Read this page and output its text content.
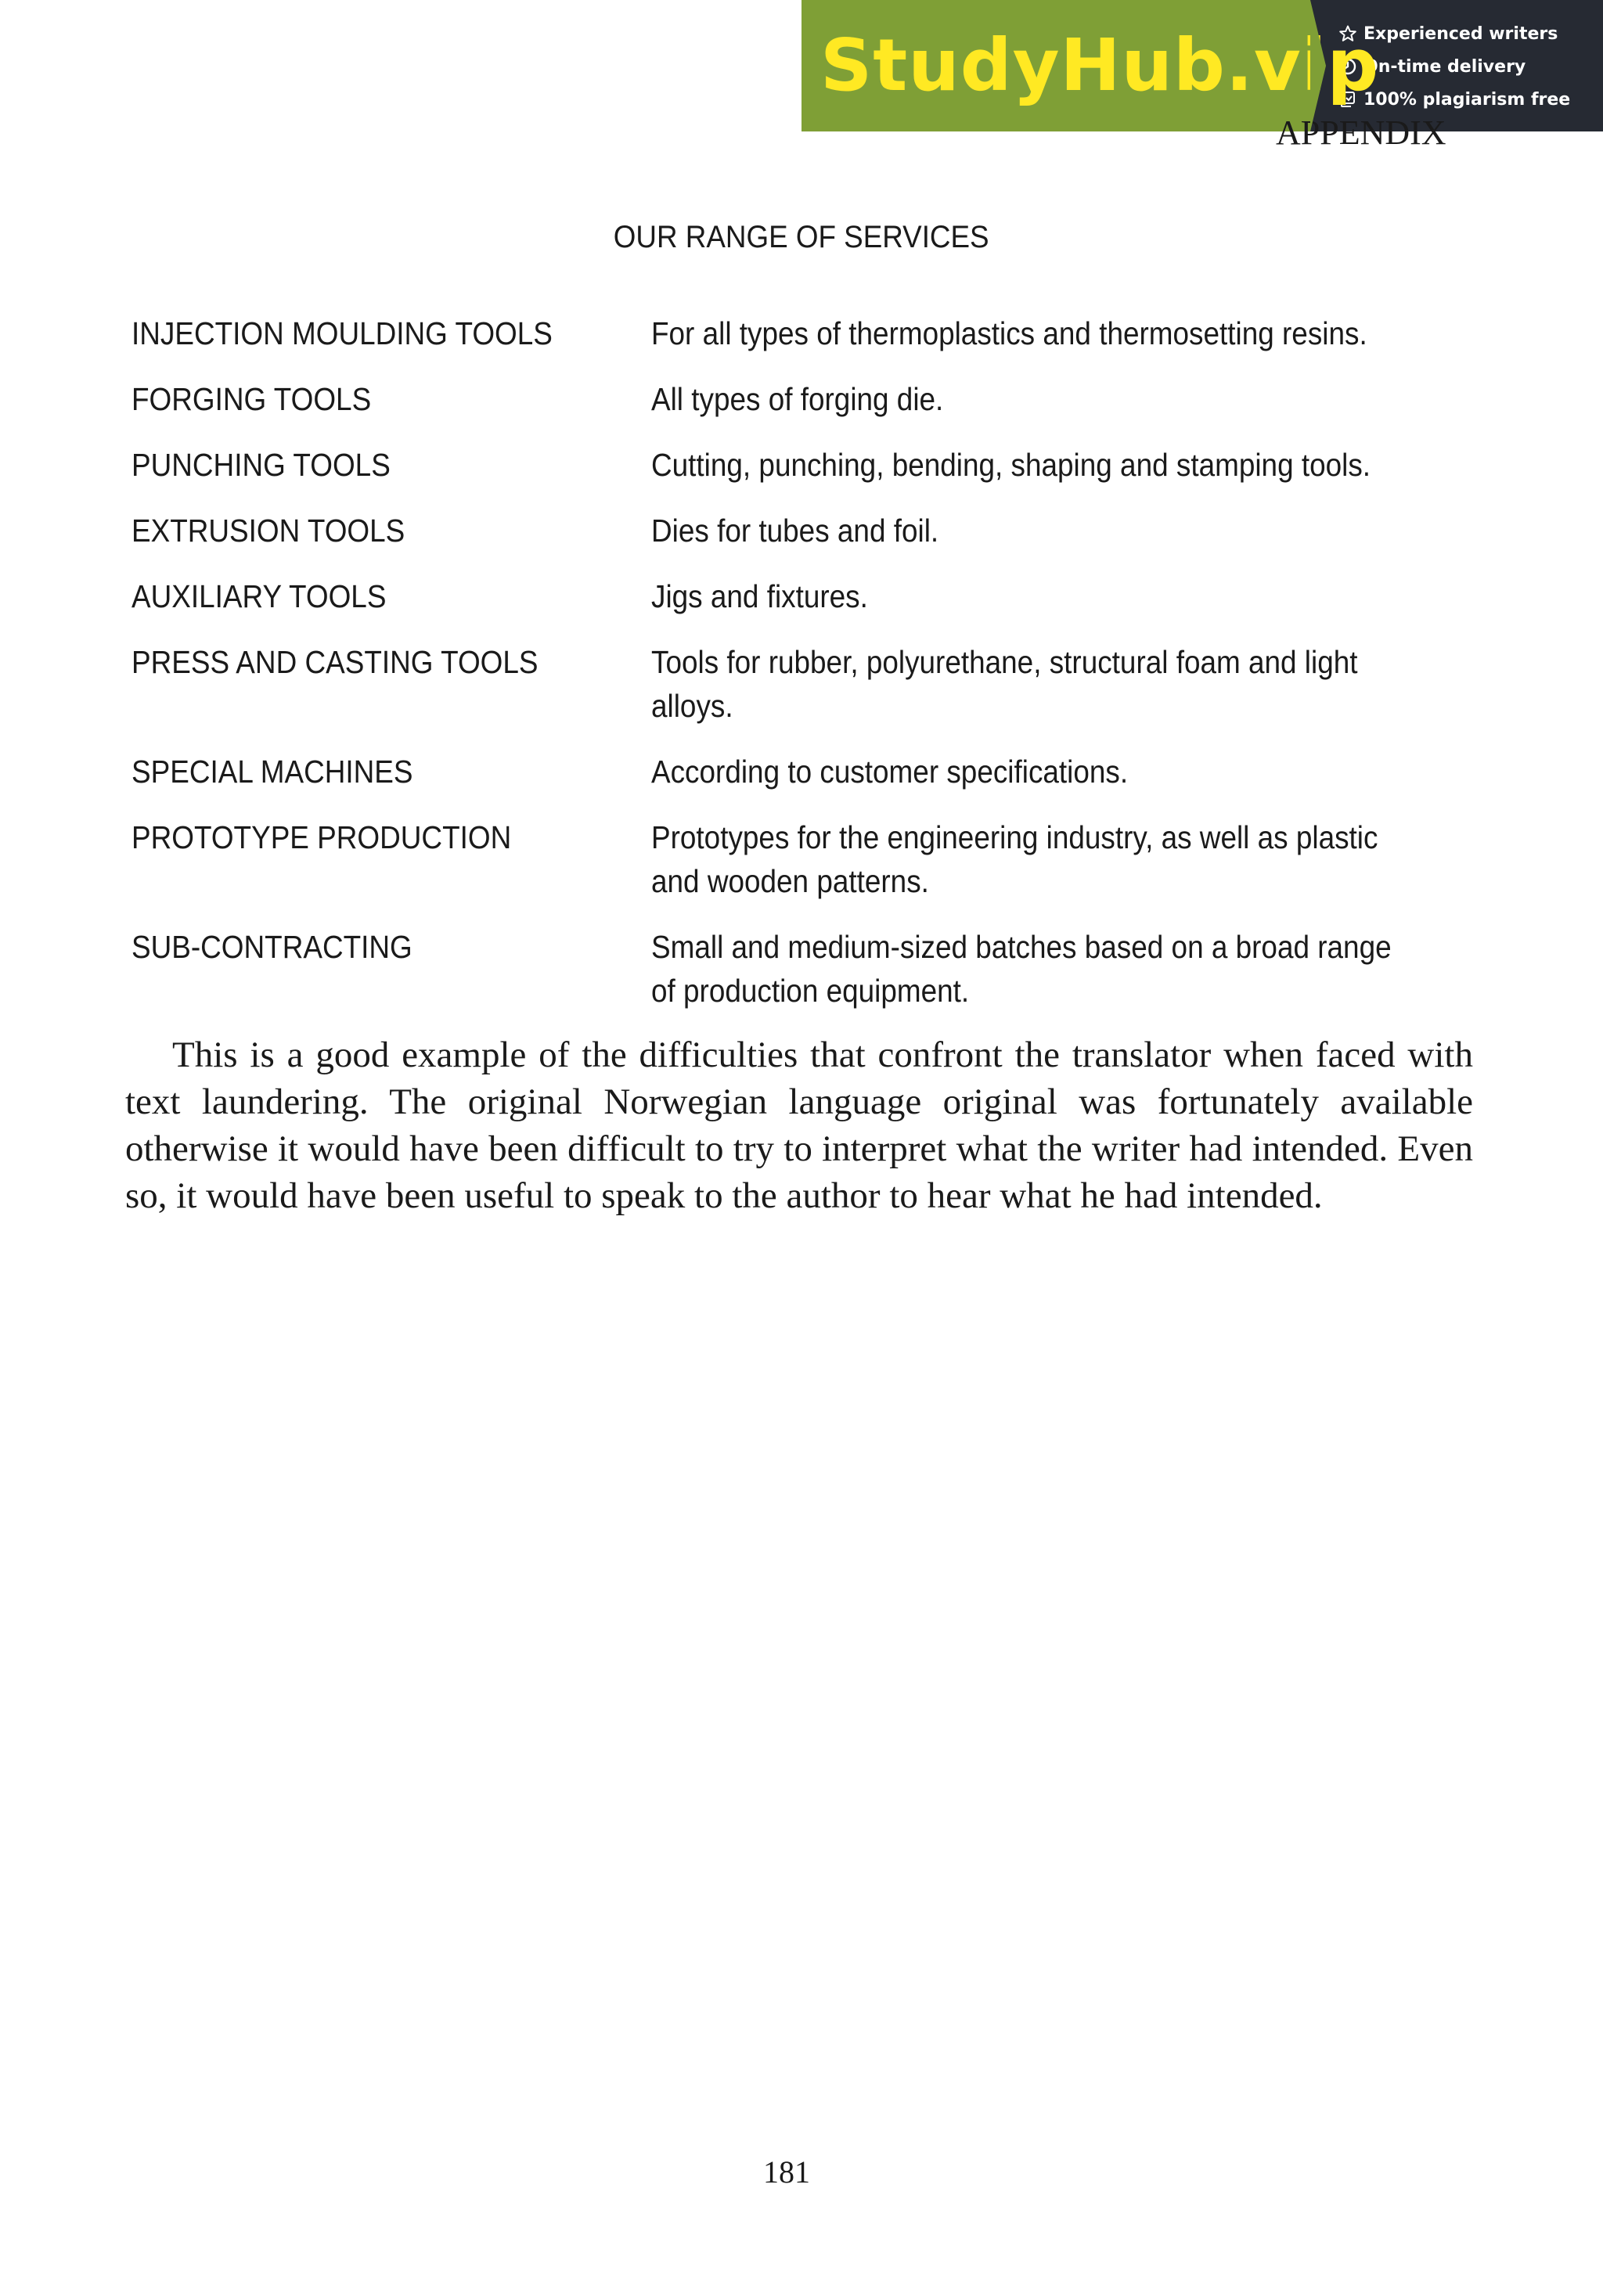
StudyHub.vip
Experienced writers
On-time delivery
100% plagiarism free
APPENDIX
OUR RANGE OF SERVICES
INJECTION MOULDING TOOLS	For all types of thermoplastics and thermosetting resins.
FORGING TOOLS	All types of forging die.
PUNCHING TOOLS	Cutting, punching, bending, shaping and stamping tools.
EXTRUSION TOOLS	Dies for tubes and foil.
AUXILIARY TOOLS	Jigs and fixtures.
PRESS AND CASTING TOOLS	Tools for rubber, polyurethane, structural foam and light alloys.
SPECIAL MACHINES	According to customer specifications.
PROTOTYPE PRODUCTION	Prototypes for the engineering industry, as well as plastic and wooden patterns.
SUB-CONTRACTING	Small and medium-sized batches based on a broad range of production equipment.

This is a good example of the difficulties that confront the translator when faced with text laundering. The original Norwegian language original was fortunately available otherwise it would have been difficult to try to interpret what the writer had intended. Even so, it would have been useful to speak to the author to hear what he had intended.

181
